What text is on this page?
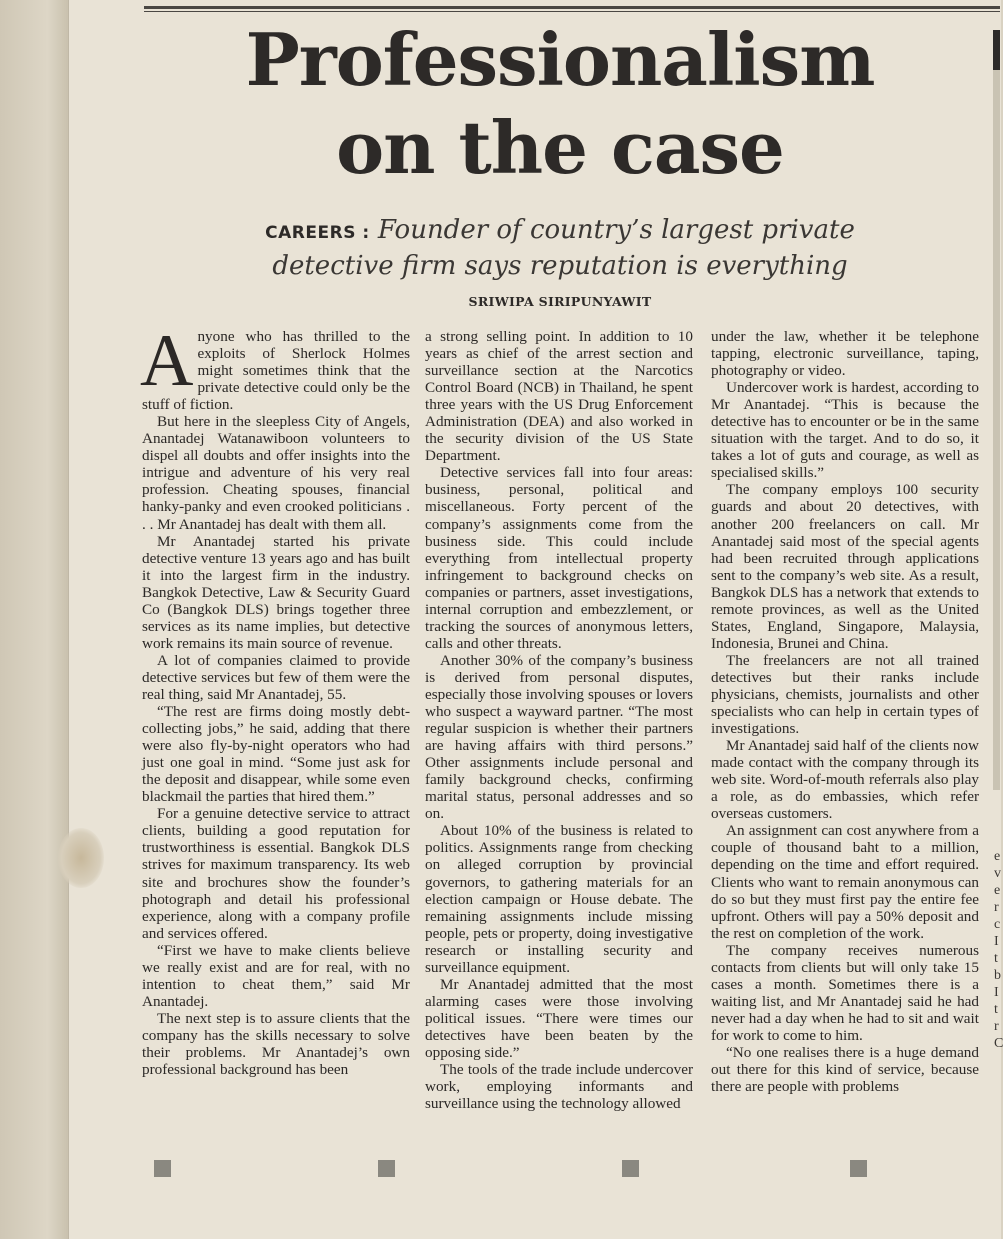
Professionalism
on the case
CAREERS : Founder of country’s largest private
detective firm says reputation is everything
SRIWIPA SIRIPUNYAWIT

Anyone who has thrilled to the exploits of Sherlock Holmes might sometimes think that the private detective could only be the stuff of fiction.

But here in the sleepless City of Angels, Anantadej Watanawiboon volunteers to dispel all doubts and offer insights into the intrigue and adventure of his very real profession. Cheating spouses, financial hanky-panky and even crooked politicians . . . Mr Anantadej has dealt with them all.

Mr Anantadej started his private detective venture 13 years ago and has built it into the largest firm in the industry. Bangkok Detective, Law & Security Guard Co (Bangkok DLS) brings together three services as its name implies, but detective work remains its main source of revenue.

A lot of companies claimed to provide detective services but few of them were the real thing, said Mr Anantadej, 55.

“The rest are firms doing mostly debt-collecting jobs,” he said, adding that there were also fly-by-night operators who had just one goal in mind. “Some just ask for the deposit and disappear, while some even blackmail the parties that hired them.”

For a genuine detective service to attract clients, building a good reputation for trustworthiness is essential. Bangkok DLS strives for maximum transparency. Its web site and brochures show the founder’s photograph and detail his professional experience, along with a company profile and services offered.

“First we have to make clients believe we really exist and are for real, with no intention to cheat them,” said Mr Anantadej.

The next step is to assure clients that the company has the skills necessary to solve their problems. Mr Anantadej’s own professional background has been

a strong selling point. In addition to 10 years as chief of the arrest section and surveillance section at the Narcotics Control Board (NCB) in Thailand, he spent three years with the US Drug Enforcement Administration (DEA) and also worked in the security division of the US State Department.

Detective services fall into four areas: business, personal, political and miscellaneous. Forty percent of the company’s assignments come from the business side. This could include everything from intellectual property infringement to background checks on companies or partners, asset investigations, internal corruption and embezzlement, or tracking the sources of anonymous letters, calls and other threats.

Another 30% of the company’s business is derived from personal disputes, especially those involving spouses or lovers who suspect a wayward partner. “The most regular suspicion is whether their partners are having affairs with third persons.” Other assignments include personal and family background checks, confirming marital status, personal addresses and so on.

About 10% of the business is related to politics. Assignments range from checking on alleged corruption by provincial governors, to gathering materials for an election campaign or House debate. The remaining assignments include missing people, pets or property, doing investigative research or installing security and surveillance equipment.

Mr Anantadej admitted that the most alarming cases were those involving political issues. “There were times our detectives have been beaten by the opposing side.”

The tools of the trade include undercover work, employing informants and surveillance using the technology allowed

under the law, whether it be telephone tapping, electronic surveillance, taping, photography or video.

Undercover work is hardest, according to Mr Anantadej. “This is because the detective has to encounter or be in the same situation with the target. And to do so, it takes a lot of guts and courage, as well as specialised skills.”

The company employs 100 security guards and about 20 detectives, with another 200 freelancers on call. Mr Anantadej said most of the special agents had been recruited through applications sent to the company’s web site. As a result, Bangkok DLS has a network that extends to remote provinces, as well as the United States, England, Singapore, Malaysia, Indonesia, Brunei and China.

The freelancers are not all trained detectives but their ranks include physicians, chemists, journalists and other specialists who can help in certain types of investigations.

Mr Anantadej said half of the clients now made contact with the company through its web site. Word-of-mouth referrals also play a role, as do embassies, which refer overseas customers.

An assignment can cost anywhere from a couple of thousand baht to a million, depending on the time and effort required. Clients who want to remain anonymous can do so but they must first pay the entire fee upfront. Others will pay a 50% deposit and the rest on completion of the work.

The company receives numerous contacts from clients but will only take 15 cases a month. Sometimes there is a waiting list, and Mr Anantadej said he had never had a day when he had to sit and wait for work to come to him.

“No one realises there is a huge demand out there for this kind of service, because there are people with problems

e
v
e
r
c
I
t
b
I
t
r
C
